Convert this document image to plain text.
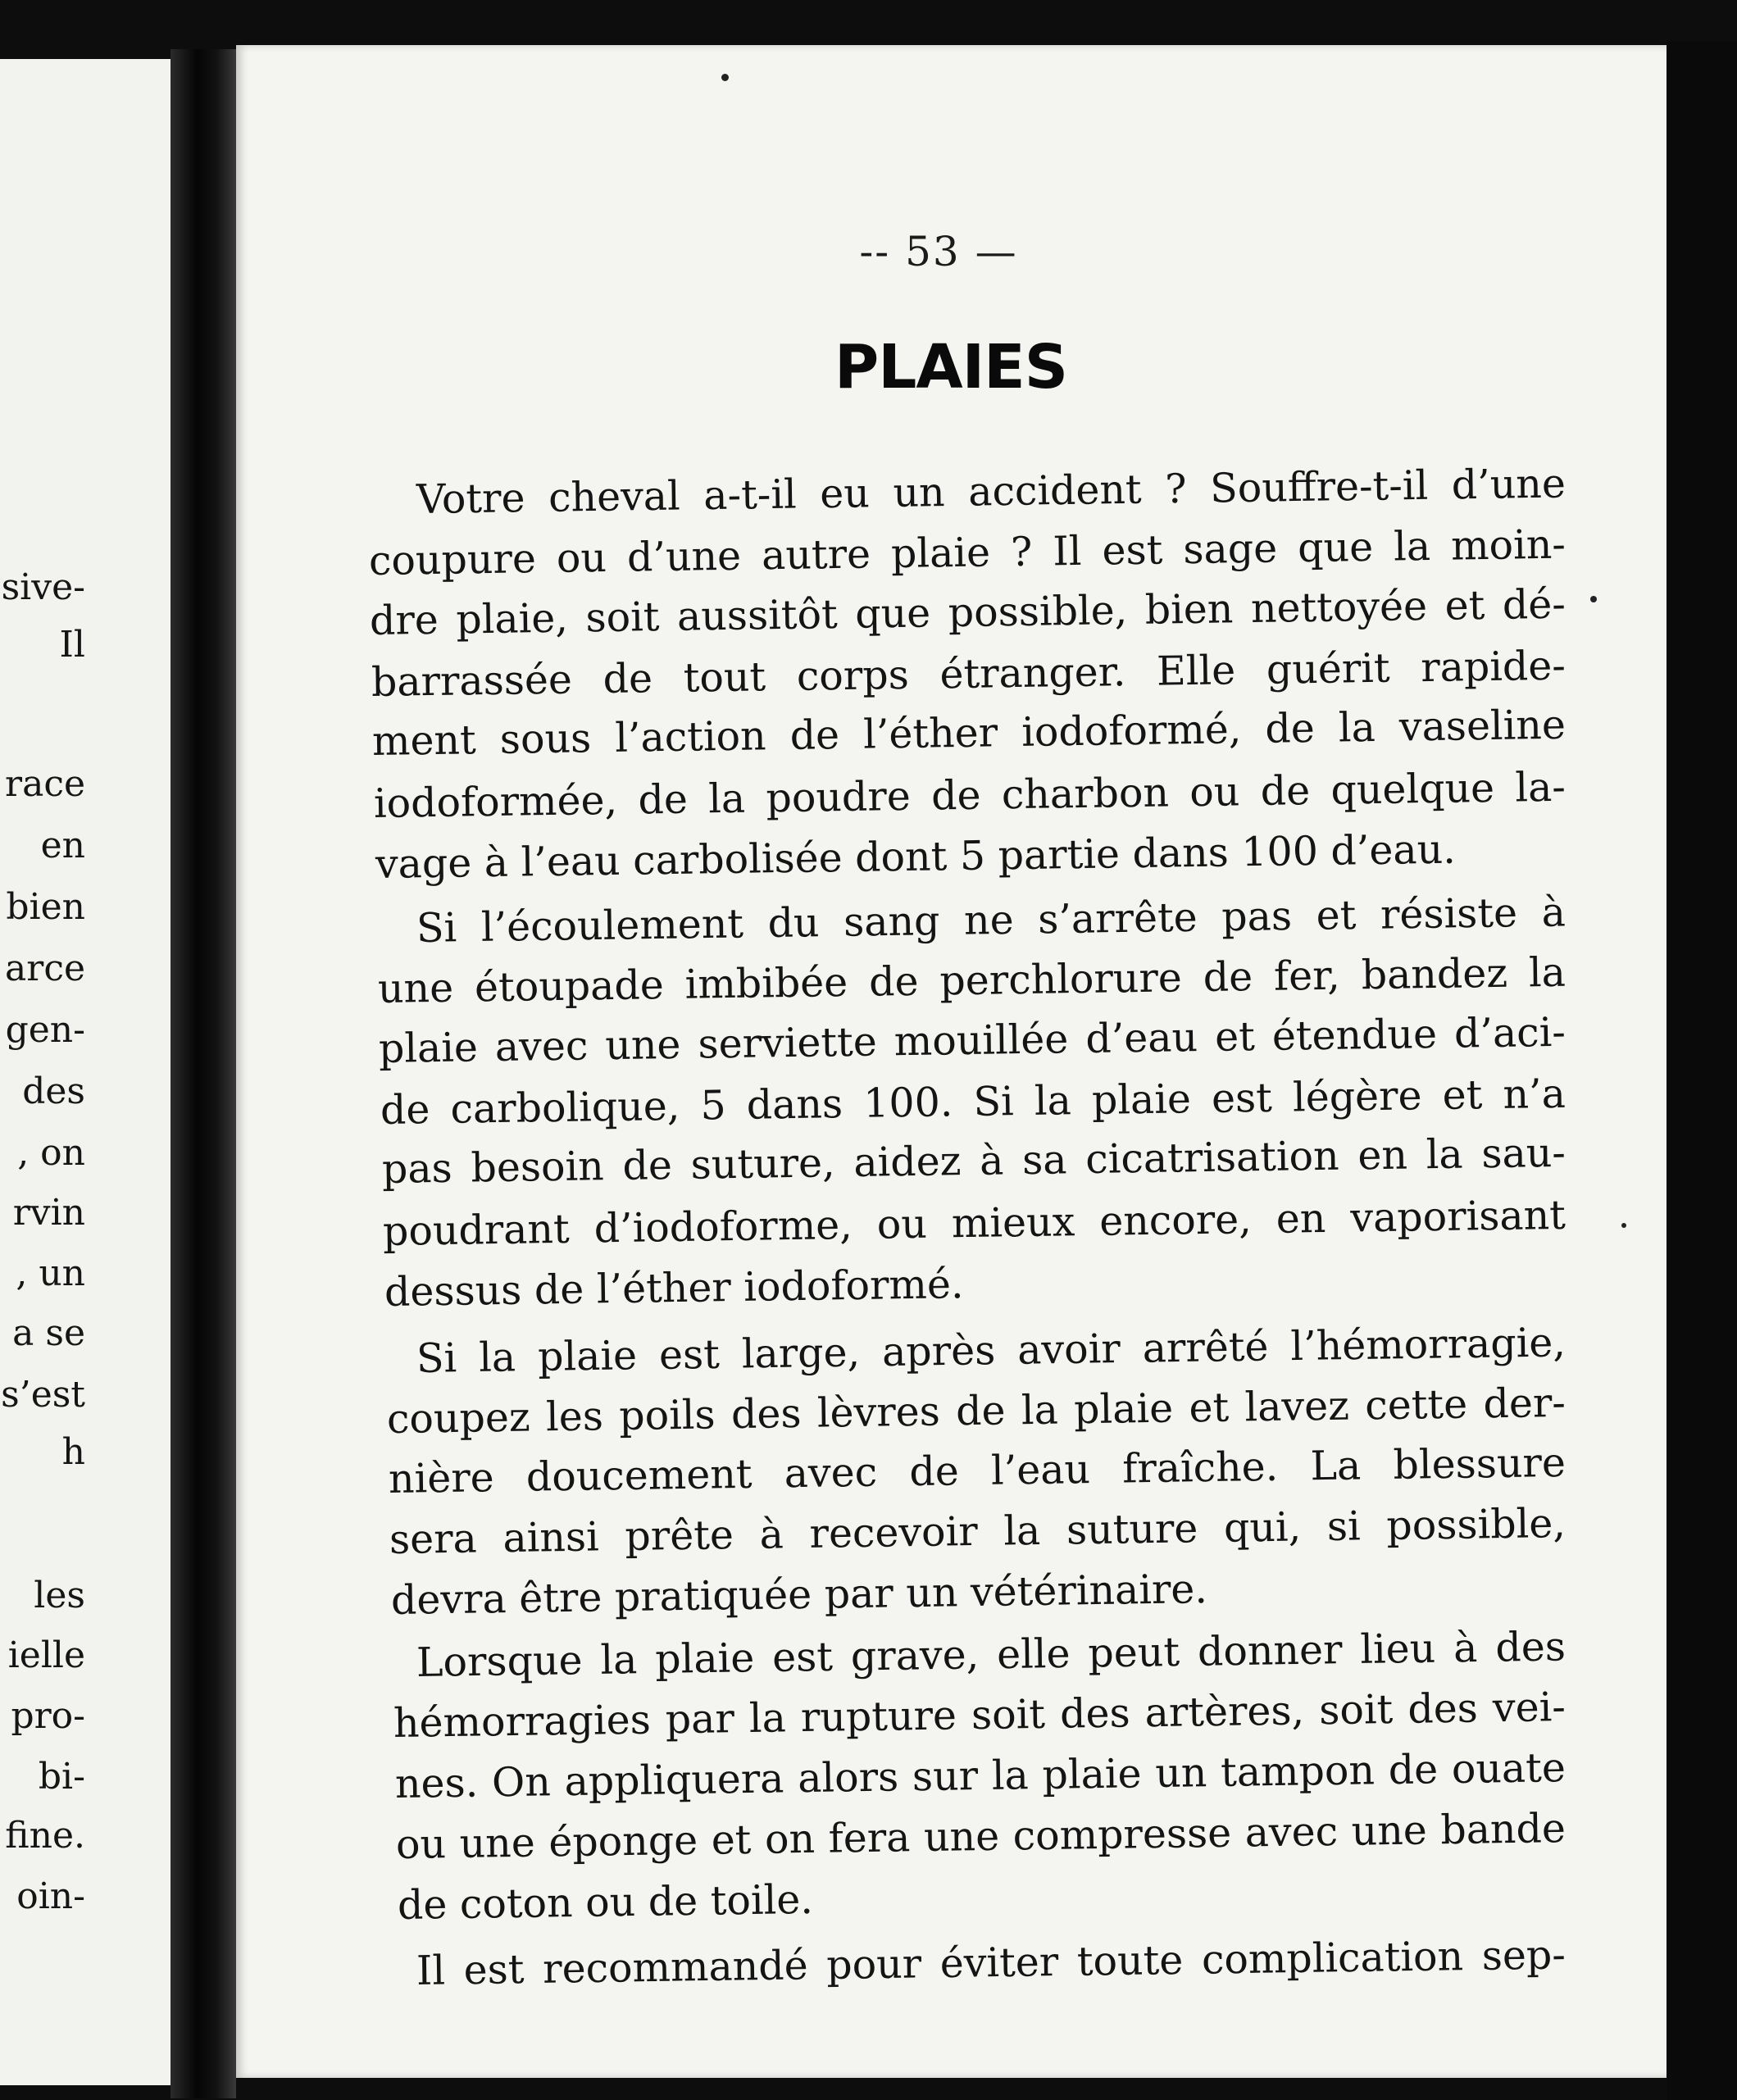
sive-
Il
race
en
bien
arce
gen-
des
, on
rvin
, un
a se
s’est
h
les
ielle
pro-
bi-
fine.
oin-
-- 53 —
PLAIES
Votre cheval a-t-il eu un accident ? Souffre-t-il d’une
coupure ou d’une autre plaie ? Il est sage que la moin-
dre plaie, soit aussitôt que possible, bien nettoyée et dé-
barrassée de tout corps étranger. Elle guérit rapide-
ment sous l’action de l’éther iodoformé, de la vaseline
iodoformée, de la poudre de charbon ou de quelque la-
vage à l’eau carbolisée dont 5 partie dans 100 d’eau.
Si l’écoulement du sang ne s’arrête pas et résiste à
une étoupade imbibée de perchlorure de fer, bandez la
plaie avec une serviette mouillée d’eau et étendue d’aci-
de carbolique, 5 dans 100. Si la plaie est légère et n’a
pas besoin de suture, aidez à sa cicatrisation en la sau-
poudrant d’iodoforme, ou mieux encore, en vaporisant
dessus de l’éther iodoformé.
Si la plaie est large, après avoir arrêté l’hémorragie,
coupez les poils des lèvres de la plaie et lavez cette der-
nière doucement avec de l’eau fraîche. La blessure
sera ainsi prête à recevoir la suture qui, si possible,
devra être pratiquée par un vétérinaire.
Lorsque la plaie est grave, elle peut donner lieu à des
hémorragies par la rupture soit des artères, soit des vei-
nes. On appliquera alors sur la plaie un tampon de ouate
ou une éponge et on fera une compresse avec une bande
de coton ou de toile.
Il est recommandé pour éviter toute complication sep-
